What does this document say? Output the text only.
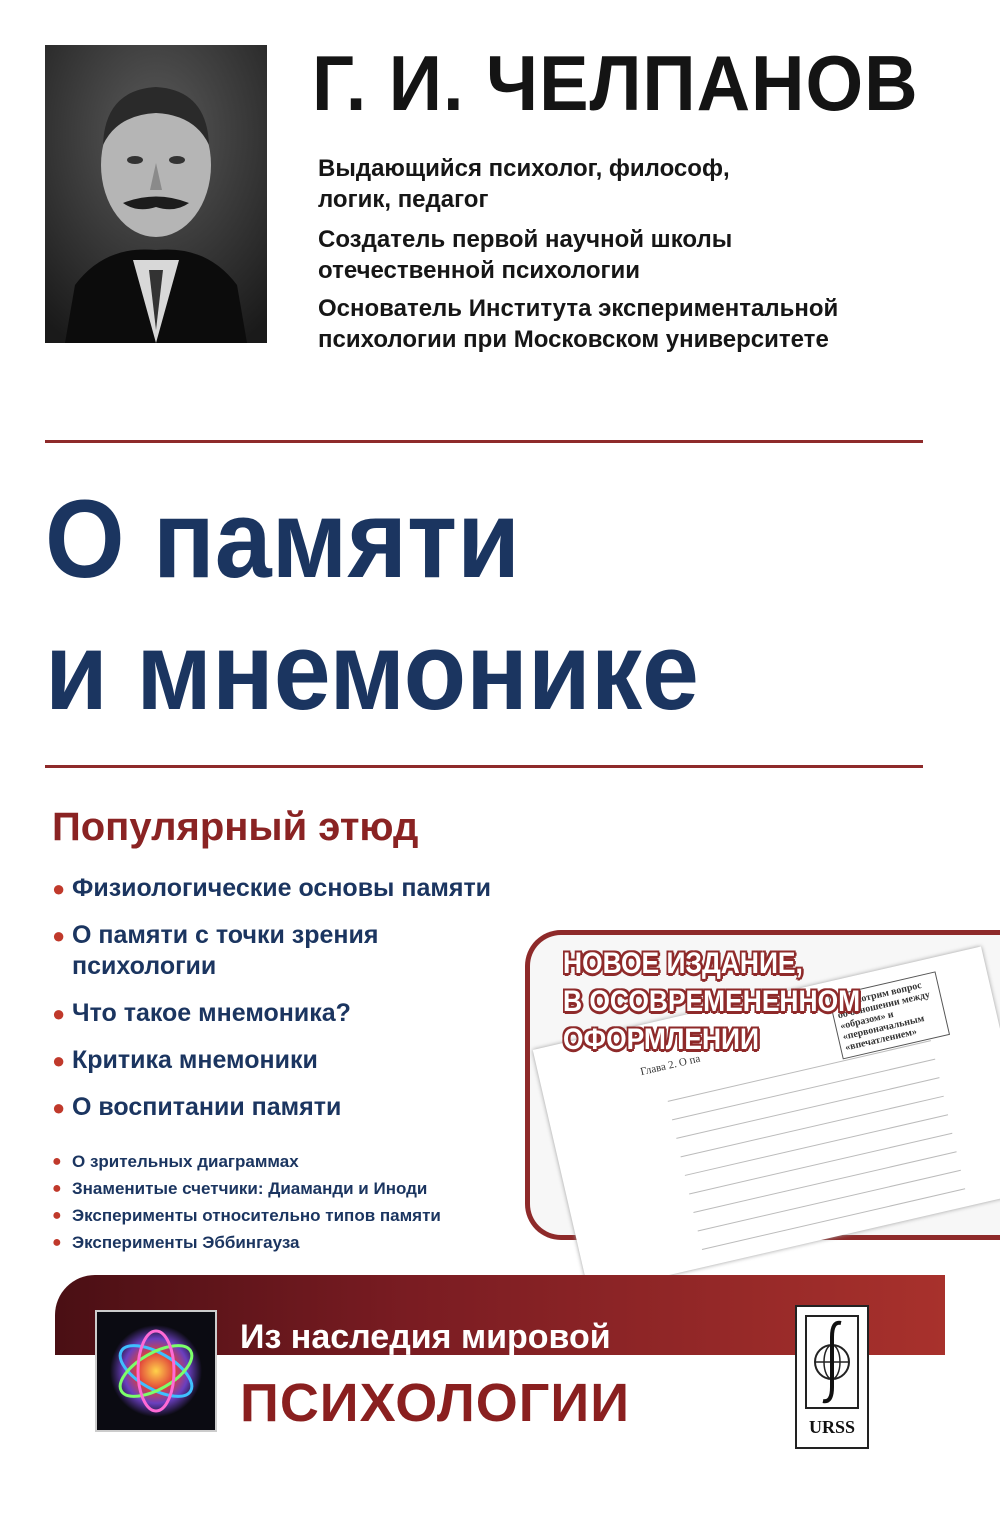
Г. И. ЧЕЛПАНОВ
Выдающийся психолог, философ,
логик, педагог
Создатель первой научной школы
отечественной психологии
Основатель Института экспериментальной
психологии при Московском университете
О памяти
и мнемонике
Популярный этюд
● Физиологические основы памяти
● О памяти с точки зрения
психологии
● Что такое мнемоника?
● Критика мнемоники
● О воспитании памяти
● О зрительных диаграммах
● Знаменитые счетчики: Диаманди и Иноди
● Эксперименты относительно типов памяти
● Эксперименты Эббингауза
Глава 2. О па
Рассмотрим вопрос об отношении между «образом» и «первоначальным «впечатлением»
НОВОЕ ИЗДАНИЕ,
В ОСОВРЕМЕНЕННОМ
ОФОРМЛЕНИИ
Из наследия мировой
ПСИХОЛОГИИ	URSS
